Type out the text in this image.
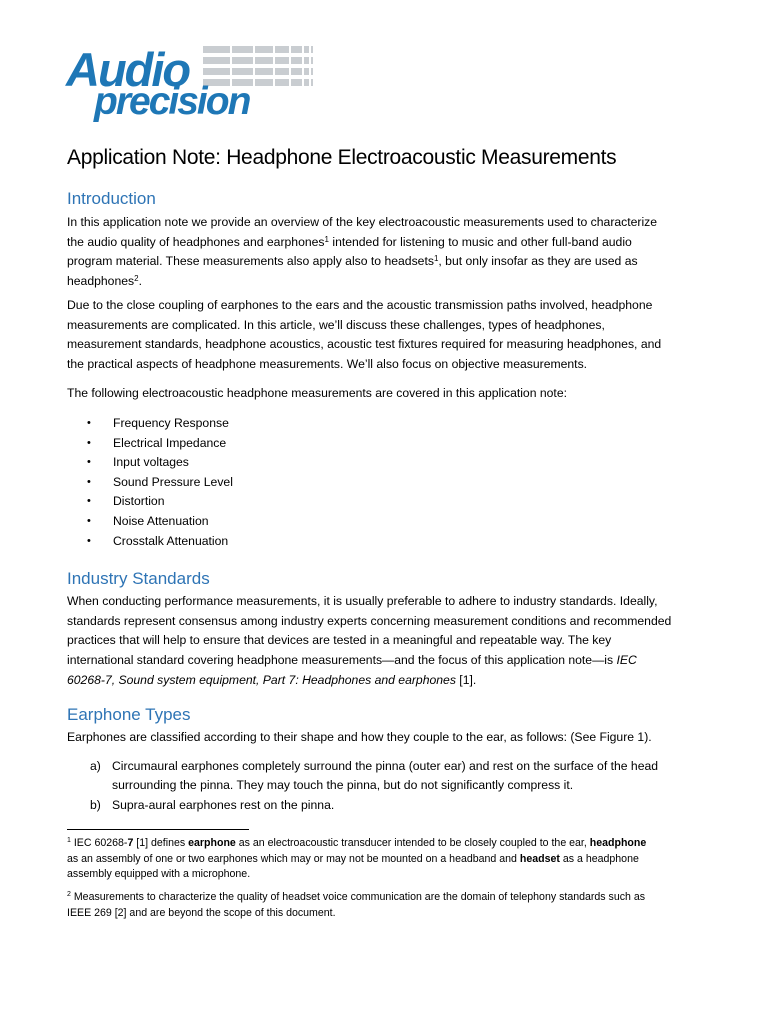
Audio
precision
Application Note: Headphone Electroacoustic Measurements
Introduction

In this application note we provide an overview of the key electroacoustic measurements used to characterize

the audio quality of headphones and earphones$^1$ intended for listening to music and other full-band audio

program material. These measurements also apply also to headsets$^1$, but only insofar as they are used as

headphones$^2$.

Due to the close coupling of earphones to the ears and the acoustic transmission paths involved, headphone

measurements are complicated. In this article, we’ll discuss these challenges, types of headphones,

measurement standards, headphone acoustics, acoustic test fixtures required for measuring headphones, and

the practical aspects of headphone measurements. We’ll also focus on objective measurements.

The following electroacoustic headphone measurements are covered in this application note:

• Frequency Response
• Electrical Impedance
• Input voltages
• Sound Pressure Level
• Distortion
• Noise Attenuation
• Crosstalk Attenuation
Industry Standards

When conducting performance measurements, it is usually preferable to adhere to industry standards. Ideally,

standards represent consensus among industry experts concerning measurement conditions and recommended

practices that will help to ensure that devices are tested in a meaningful and repeatable way. The key

international standard covering headphone measurements—and the focus of this application note—is IEC

60268-7, Sound system equipment, Part 7: Headphones and earphones [1].

Earphone Types

Earphones are classified according to their shape and how they couple to the ear, as follows: (See Figure 1).

a) Circumaural earphones completely surround the pinna (outer ear) and rest on the surface of the head

surrounding the pinna. They may touch the pinna, but do not significantly compress it.

b) Supra-aural earphones rest on the pinna.

$^1$ IEC 60268-7 [1] defines earphone as an electroacoustic transducer intended to be closely coupled to the ear, headphone

as an assembly of one or two earphones which may or may not be mounted on a headband and headset as a headphone

assembly equipped with a microphone.

$^2$ Measurements to characterize the quality of headset voice communication are the domain of telephony standards such as

IEEE 269 [2] and are beyond the scope of this document.
